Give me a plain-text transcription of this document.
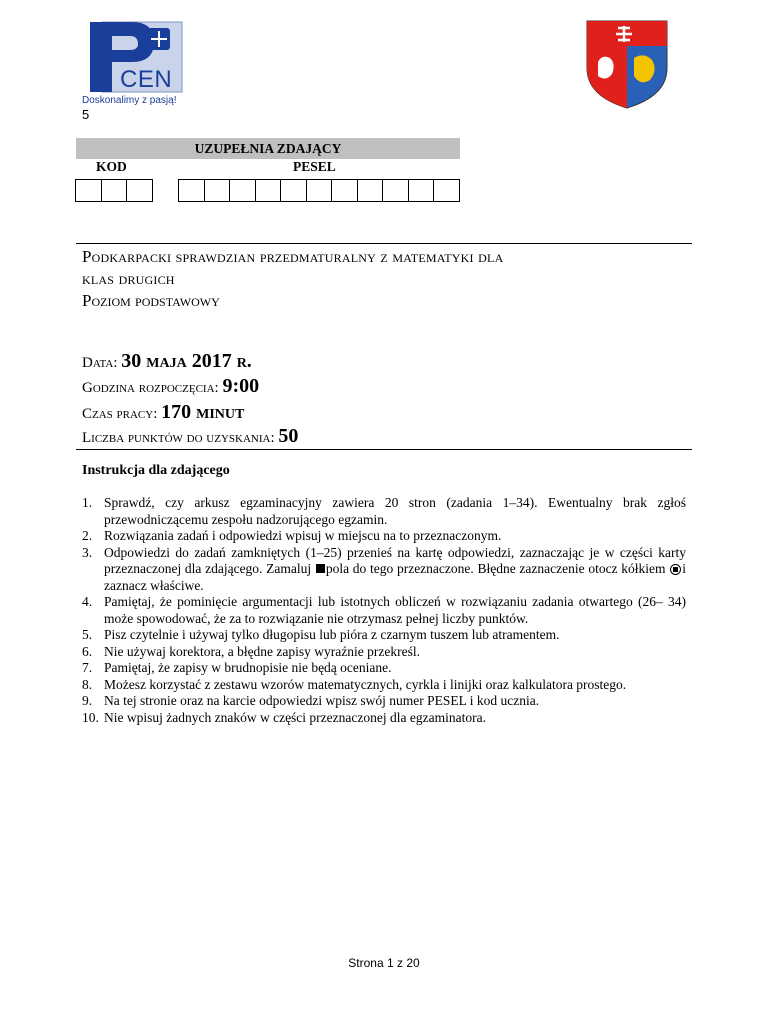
CEN
Doskonalimy z pasją!
5
UZUPEŁNIA ZDAJĄCY
KOD	PESEL
Podkarpacki sprawdzian przedmaturalny z matematyki dla
klas drugich
Poziom podstawowy
Data: 30 maja 2017 r.
Godzina rozpoczęcia: 9:00
Czas pracy: 170 minut
Liczba punktów do uzyskania: 50
Instrukcja dla zdającego
1. Sprawdź, czy arkusz egzaminacyjny zawiera 20 stron (zadania 1–34). Ewentualny brak zgłoś przewodniczącemu zespołu nadzorującego egzamin.
2. Rozwiązania zadań i odpowiedzi wpisuj w miejscu na to przeznaczonym.
3. Odpowiedzi do zadań zamkniętych (1–25) przenieś na kartę odpowiedzi, zaznaczając je w części karty przeznaczonej dla zdającego. Zamaluj pola do tego przeznaczone. Błędne zaznaczenie otocz kółkiem i zaznacz właściwe.
4. Pamiętaj, że pominięcie argumentacji lub istotnych obliczeń w rozwiązaniu zadania otwartego (26– 34) może spowodować, że za to rozwiązanie nie otrzymasz pełnej liczby punktów.
5. Pisz czytelnie i używaj tylko długopisu lub pióra z czarnym tuszem lub atramentem.
6. Nie używaj korektora, a błędne zapisy wyraźnie przekreśl.
7. Pamiętaj, że zapisy w brudnopisie nie będą oceniane.
8. Możesz korzystać z zestawu wzorów matematycznych, cyrkla i linijki oraz kalkulatora prostego.
9. Na tej stronie oraz na karcie odpowiedzi wpisz swój numer PESEL i kod ucznia.
10. Nie wpisuj żadnych znaków w części przeznaczonej dla egzaminatora.
Strona 1 z 20
